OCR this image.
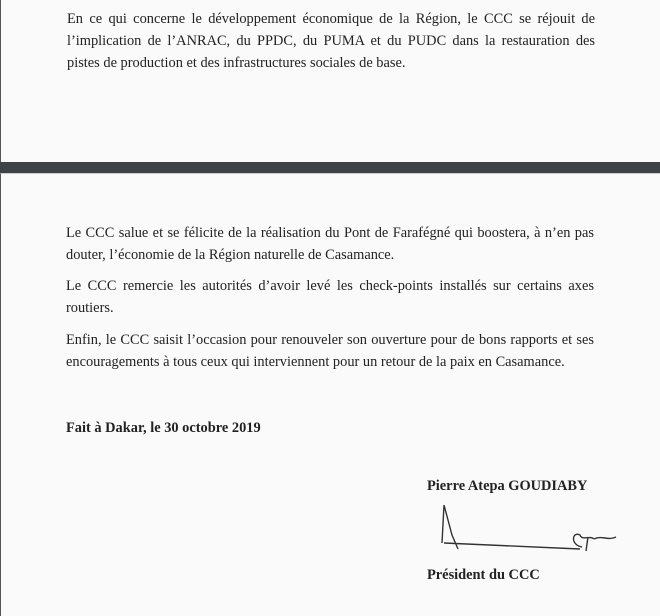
En ce qui concerne le développement économique de la Région, le CCC se réjouit de l’implication de l’ANRAC, du PPDC, du PUMA et du PUDC dans la restauration des pistes de production et des infrastructures sociales de base.

Le CCC salue et se félicite de la réalisation du Pont de Farafégné qui boostera, à n’en pas douter, l’économie de la Région naturelle de Casamance.

Le CCC remercie les autorités d’avoir levé les check-points installés sur certains axes routiers.

Enfin, le CCC saisit l’occasion pour renouveler son ouverture pour de bons rapports et ses encouragements à tous ceux qui interviennent pour un retour de la paix en Casamance.

Fait à Dakar, le 30 octobre 2019
Pierre Atepa GOUDIABY
Président du CCC
